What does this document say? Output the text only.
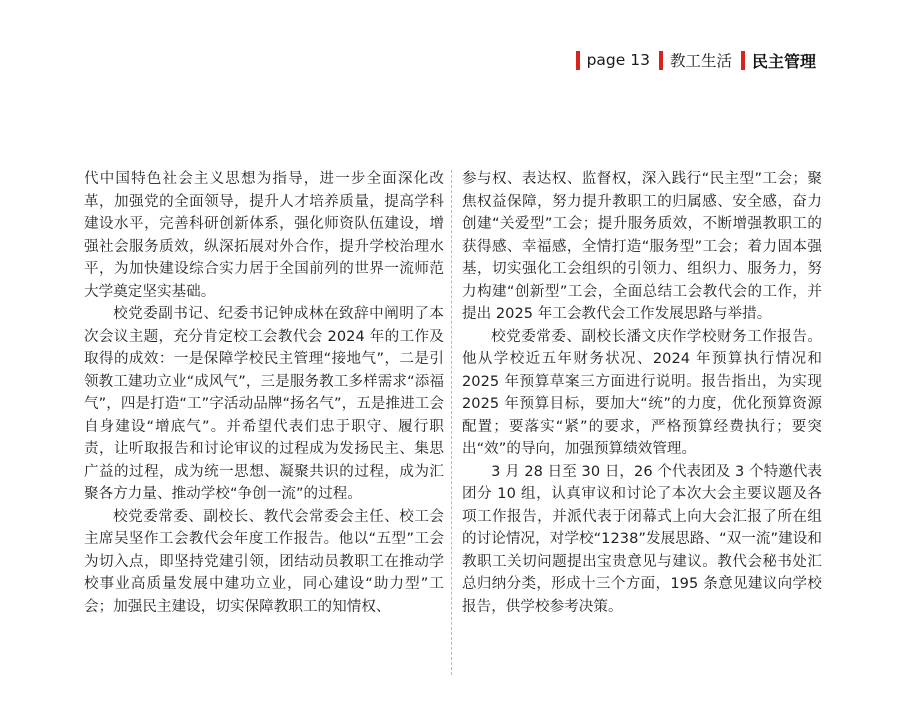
page 13 教工生活 民主管理

代中国特色社会主义思想为指导，进一步全面深化改革，加强党的全面领导，提升人才培养质量，提高学科建设水平，完善科研创新体系，强化师资队伍建设，增强社会服务质效，纵深拓展对外合作，提升学校治理水平，为加快建设综合实力居于全国前列的世界一流师范大学奠定坚实基础。

校党委副书记、纪委书记钟成林在致辞中阐明了本次会议主题，充分肯定校工会教代会 2024 年的工作及取得的成效：一是保障学校民主管理“接地气”，二是引领教工建功立业“成风气”，三是服务教工多样需求“添福气”，四是打造“工”字活动品牌“扬名气”，五是推进工会自身建设“增底气”。并希望代表们忠于职守、履行职责，让听取报告和讨论审议的过程成为发扬民主、集思广益的过程，成为统一思想、凝聚共识的过程，成为汇聚各方力量、推动学校“争创一流”的过程。

校党委常委、副校长、教代会常委会主任、校工会主席吴坚作工会教代会年度工作报告。他以“五型”工会为切入点，即坚持党建引领，团结动员教职工在推动学校事业高质量发展中建功立业，同心建设“助力型”工会；加强民主建设，切实保障教职工的知情权、

参与权、表达权、监督权，深入践行“民主型”工会；聚焦权益保障，努力提升教职工的归属感、安全感，奋力创建“关爱型”工会；提升服务质效，不断增强教职工的获得感、幸福感，全情打造“服务型”工会；着力固本强基，切实强化工会组织的引领力、组织力、服务力，努力构建“创新型”工会，全面总结工会教代会的工作，并提出 2025 年工会教代会工作发展思路与举措。

校党委常委、副校长潘文庆作学校财务工作报告。他从学校近五年财务状况、2024 年预算执行情况和 2025 年预算草案三方面进行说明。报告指出，为实现 2025 年预算目标，要加大“统”的力度，优化预算资源配置；要落实“紧”的要求，严格预算经费执行；要突出“效”的导向，加强预算绩效管理。

3 月 28 日至 30 日，26 个代表团及 3 个特邀代表团分 10 组，认真审议和讨论了本次大会主要议题及各项工作报告，并派代表于闭幕式上向大会汇报了所在组的讨论情况，对学校“1238”发展思路、“双一流”建设和教职工关切问题提出宝贵意见与建议。教代会秘书处汇总归纳分类，形成十三个方面，195 条意见建议向学校报告，供学校参考决策。
